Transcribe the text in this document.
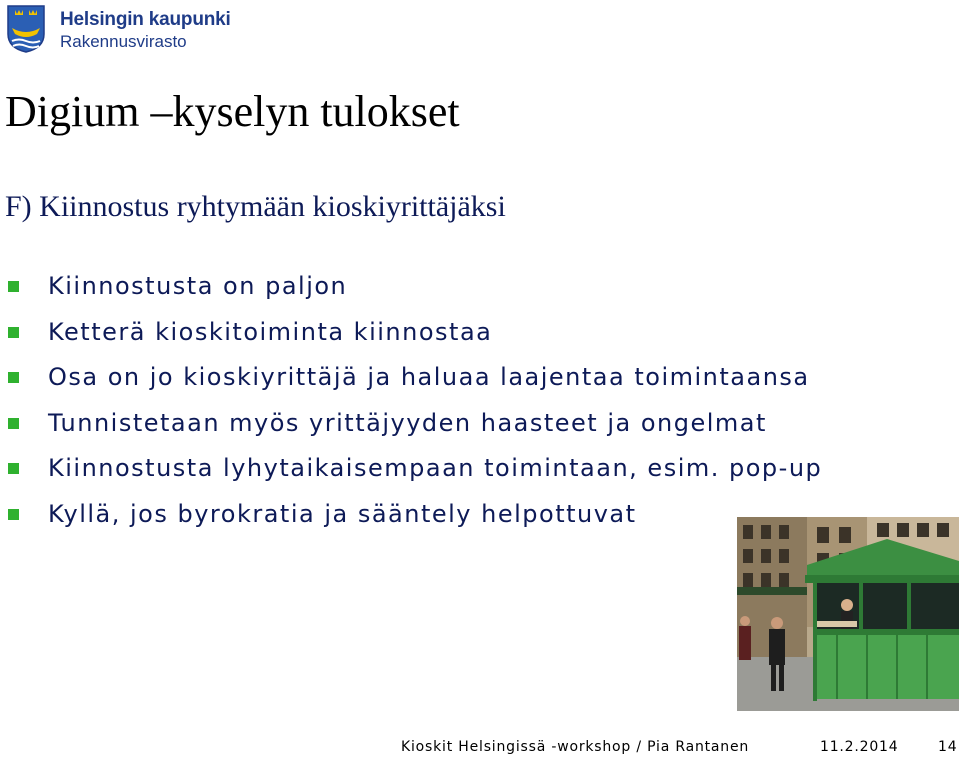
Helsingin kaupunki
Rakennusvirasto
Digium –kyselyn tulokset
F) Kiinnostus ryhtymään kioskiyrittäjäksi
Kiinnostusta on paljon
Ketterä kioskitoiminta kiinnostaa
Osa on jo kioskiyrittäjä ja haluaa laajentaa toimintaansa
Tunnistetaan myös yrittäjyyden haasteet ja ongelmat
Kiinnostusta lyhytaikaisempaan toimintaan, esim. pop-up
Kyllä, jos byrokratia ja sääntely helpottuvat
Kioskit Helsingissä -workshop / Pia Rantanen	11.2.2014	14
